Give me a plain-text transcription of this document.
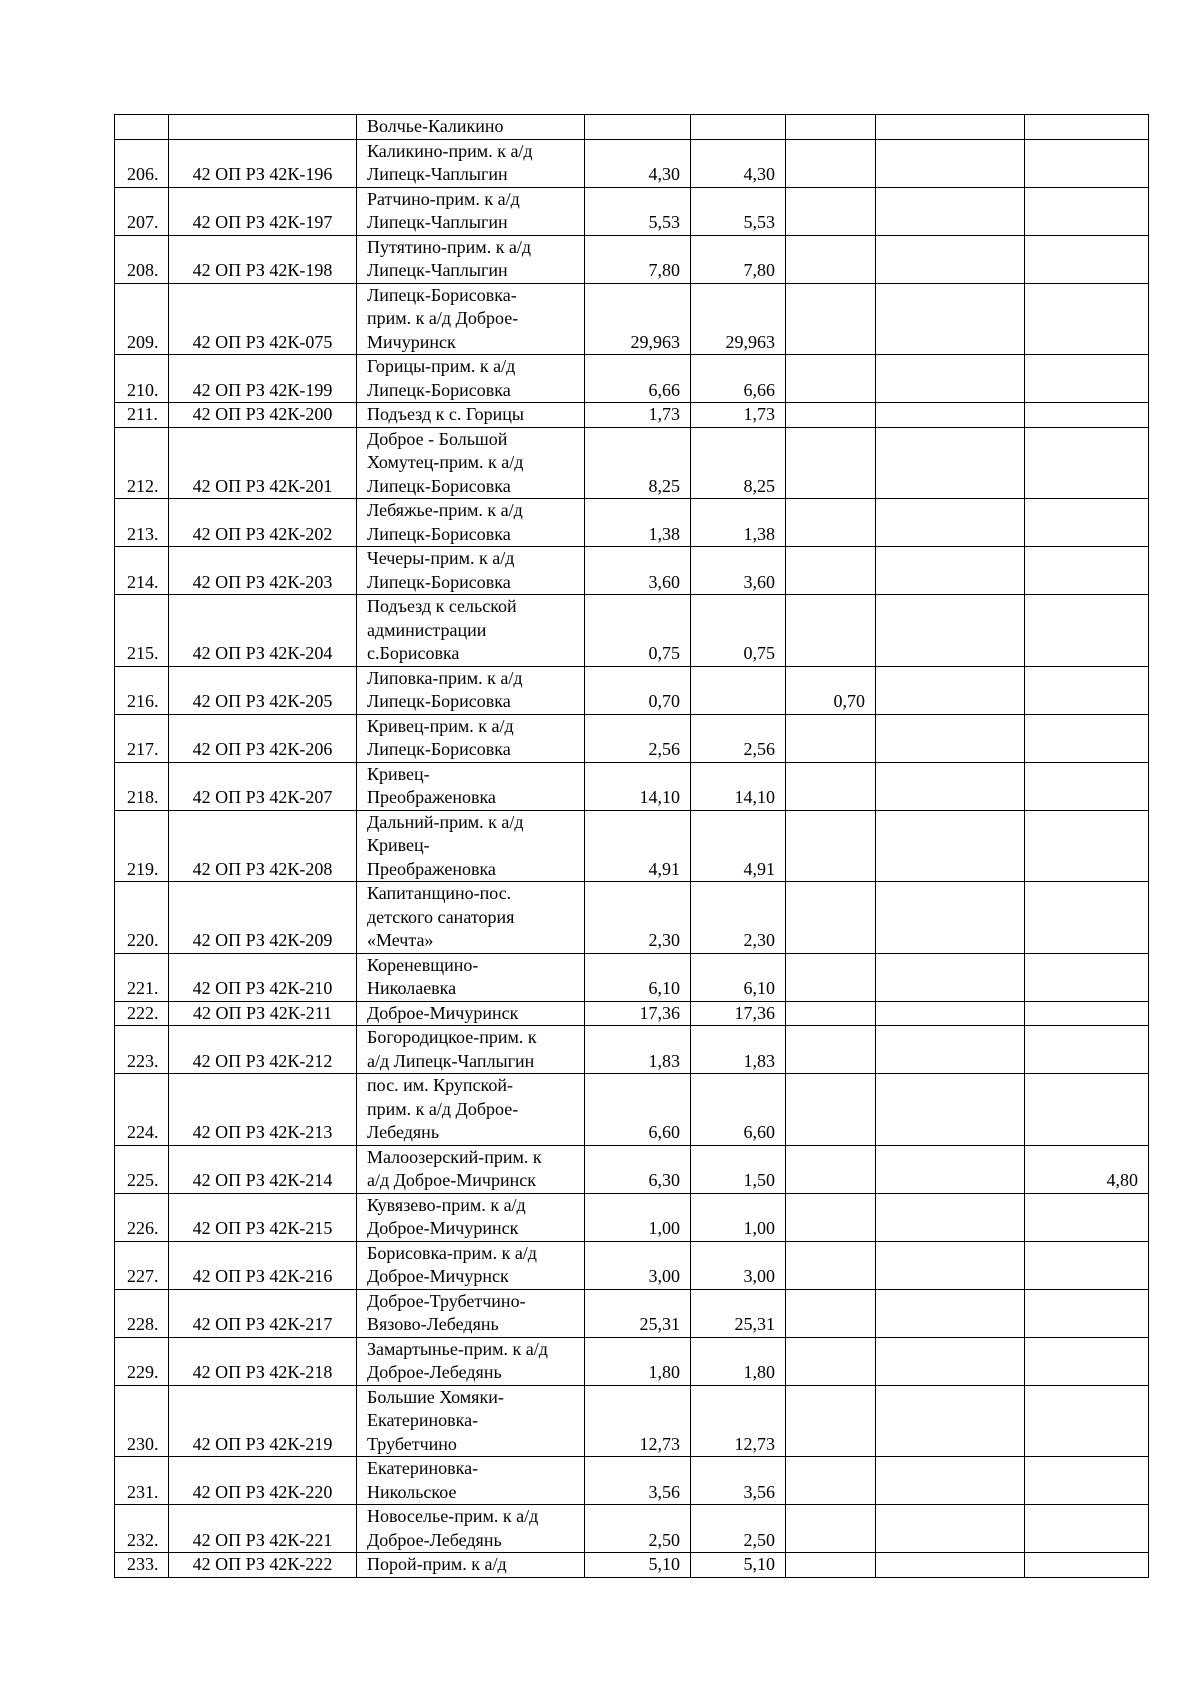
		Волчье-Каликино					
206.	42 ОП РЗ 42К-196	Каликино-прим. к а/д
Липецк-Чаплыгин	4,30	4,30			
207.	42 ОП РЗ 42К-197	Ратчино-прим. к а/д
Липецк-Чаплыгин	5,53	5,53			
208.	42 ОП РЗ 42К-198	Путятино-прим. к а/д
Липецк-Чаплыгин	7,80	7,80			
209.	42 ОП РЗ 42К-075	Липецк-Борисовка-
прим. к а/д Доброе-
Мичуринск	29,963	29,963			
210.	42 ОП РЗ 42К-199	Горицы-прим. к а/д
Липецк-Борисовка	6,66	6,66			
211.	42 ОП РЗ 42К-200	Подъезд к с. Горицы	1,73	1,73			
212.	42 ОП РЗ 42К-201	Доброе - Большой
Хомутец-прим. к а/д
Липецк-Борисовка	8,25	8,25			
213.	42 ОП РЗ 42К-202	Лебяжье-прим. к а/д
Липецк-Борисовка	1,38	1,38			
214.	42 ОП РЗ 42К-203	Чечеры-прим. к а/д
Липецк-Борисовка	3,60	3,60			
215.	42 ОП РЗ 42К-204	Подъезд к сельской
администрации
с.Борисовка	0,75	0,75			
216.	42 ОП РЗ 42К-205	Липовка-прим. к а/д
Липецк-Борисовка	0,70		0,70		
217.	42 ОП РЗ 42К-206	Кривец-прим. к а/д
Липецк-Борисовка	2,56	2,56			
218.	42 ОП РЗ 42К-207	Кривец-
Преображеновка	14,10	14,10			
219.	42 ОП РЗ 42К-208	Дальний-прим. к а/д
Кривец-
Преображеновка	4,91	4,91			
220.	42 ОП РЗ 42К-209	Капитанщино-пос.
детского санатория
«Мечта»	2,30	2,30			
221.	42 ОП РЗ 42К-210	Кореневщино-
Николаевка	6,10	6,10			
222.	42 ОП РЗ 42К-211	Доброе-Мичуринск	17,36	17,36			
223.	42 ОП РЗ 42К-212	Богородицкое-прим. к
а/д Липецк-Чаплыгин	1,83	1,83			
224.	42 ОП РЗ 42К-213	пос. им. Крупской-
прим. к а/д Доброе-
Лебедянь	6,60	6,60			
225.	42 ОП РЗ 42К-214	Малоозерский-прим. к
а/д Доброе-Мичринск	6,30	1,50			4,80
226.	42 ОП РЗ 42К-215	Кувязево-прим. к а/д
Доброе-Мичуринск	1,00	1,00			
227.	42 ОП РЗ 42К-216	Борисовка-прим. к а/д
Доброе-Мичурнск	3,00	3,00			
228.	42 ОП РЗ 42К-217	Доброе-Трубетчино-
Вязово-Лебедянь	25,31	25,31			
229.	42 ОП РЗ 42К-218	Замартынье-прим. к а/д
Доброе-Лебедянь	1,80	1,80			
230.	42 ОП РЗ 42К-219	Большие Хомяки-
Екатериновка-
Трубетчино	12,73	12,73			
231.	42 ОП РЗ 42К-220	Екатериновка-
Никольское	3,56	3,56			
232.	42 ОП РЗ 42К-221	Новоселье-прим. к а/д
Доброе-Лебедянь	2,50	2,50			
233.	42 ОП РЗ 42К-222	Порой-прим. к а/д	5,10	5,10			
